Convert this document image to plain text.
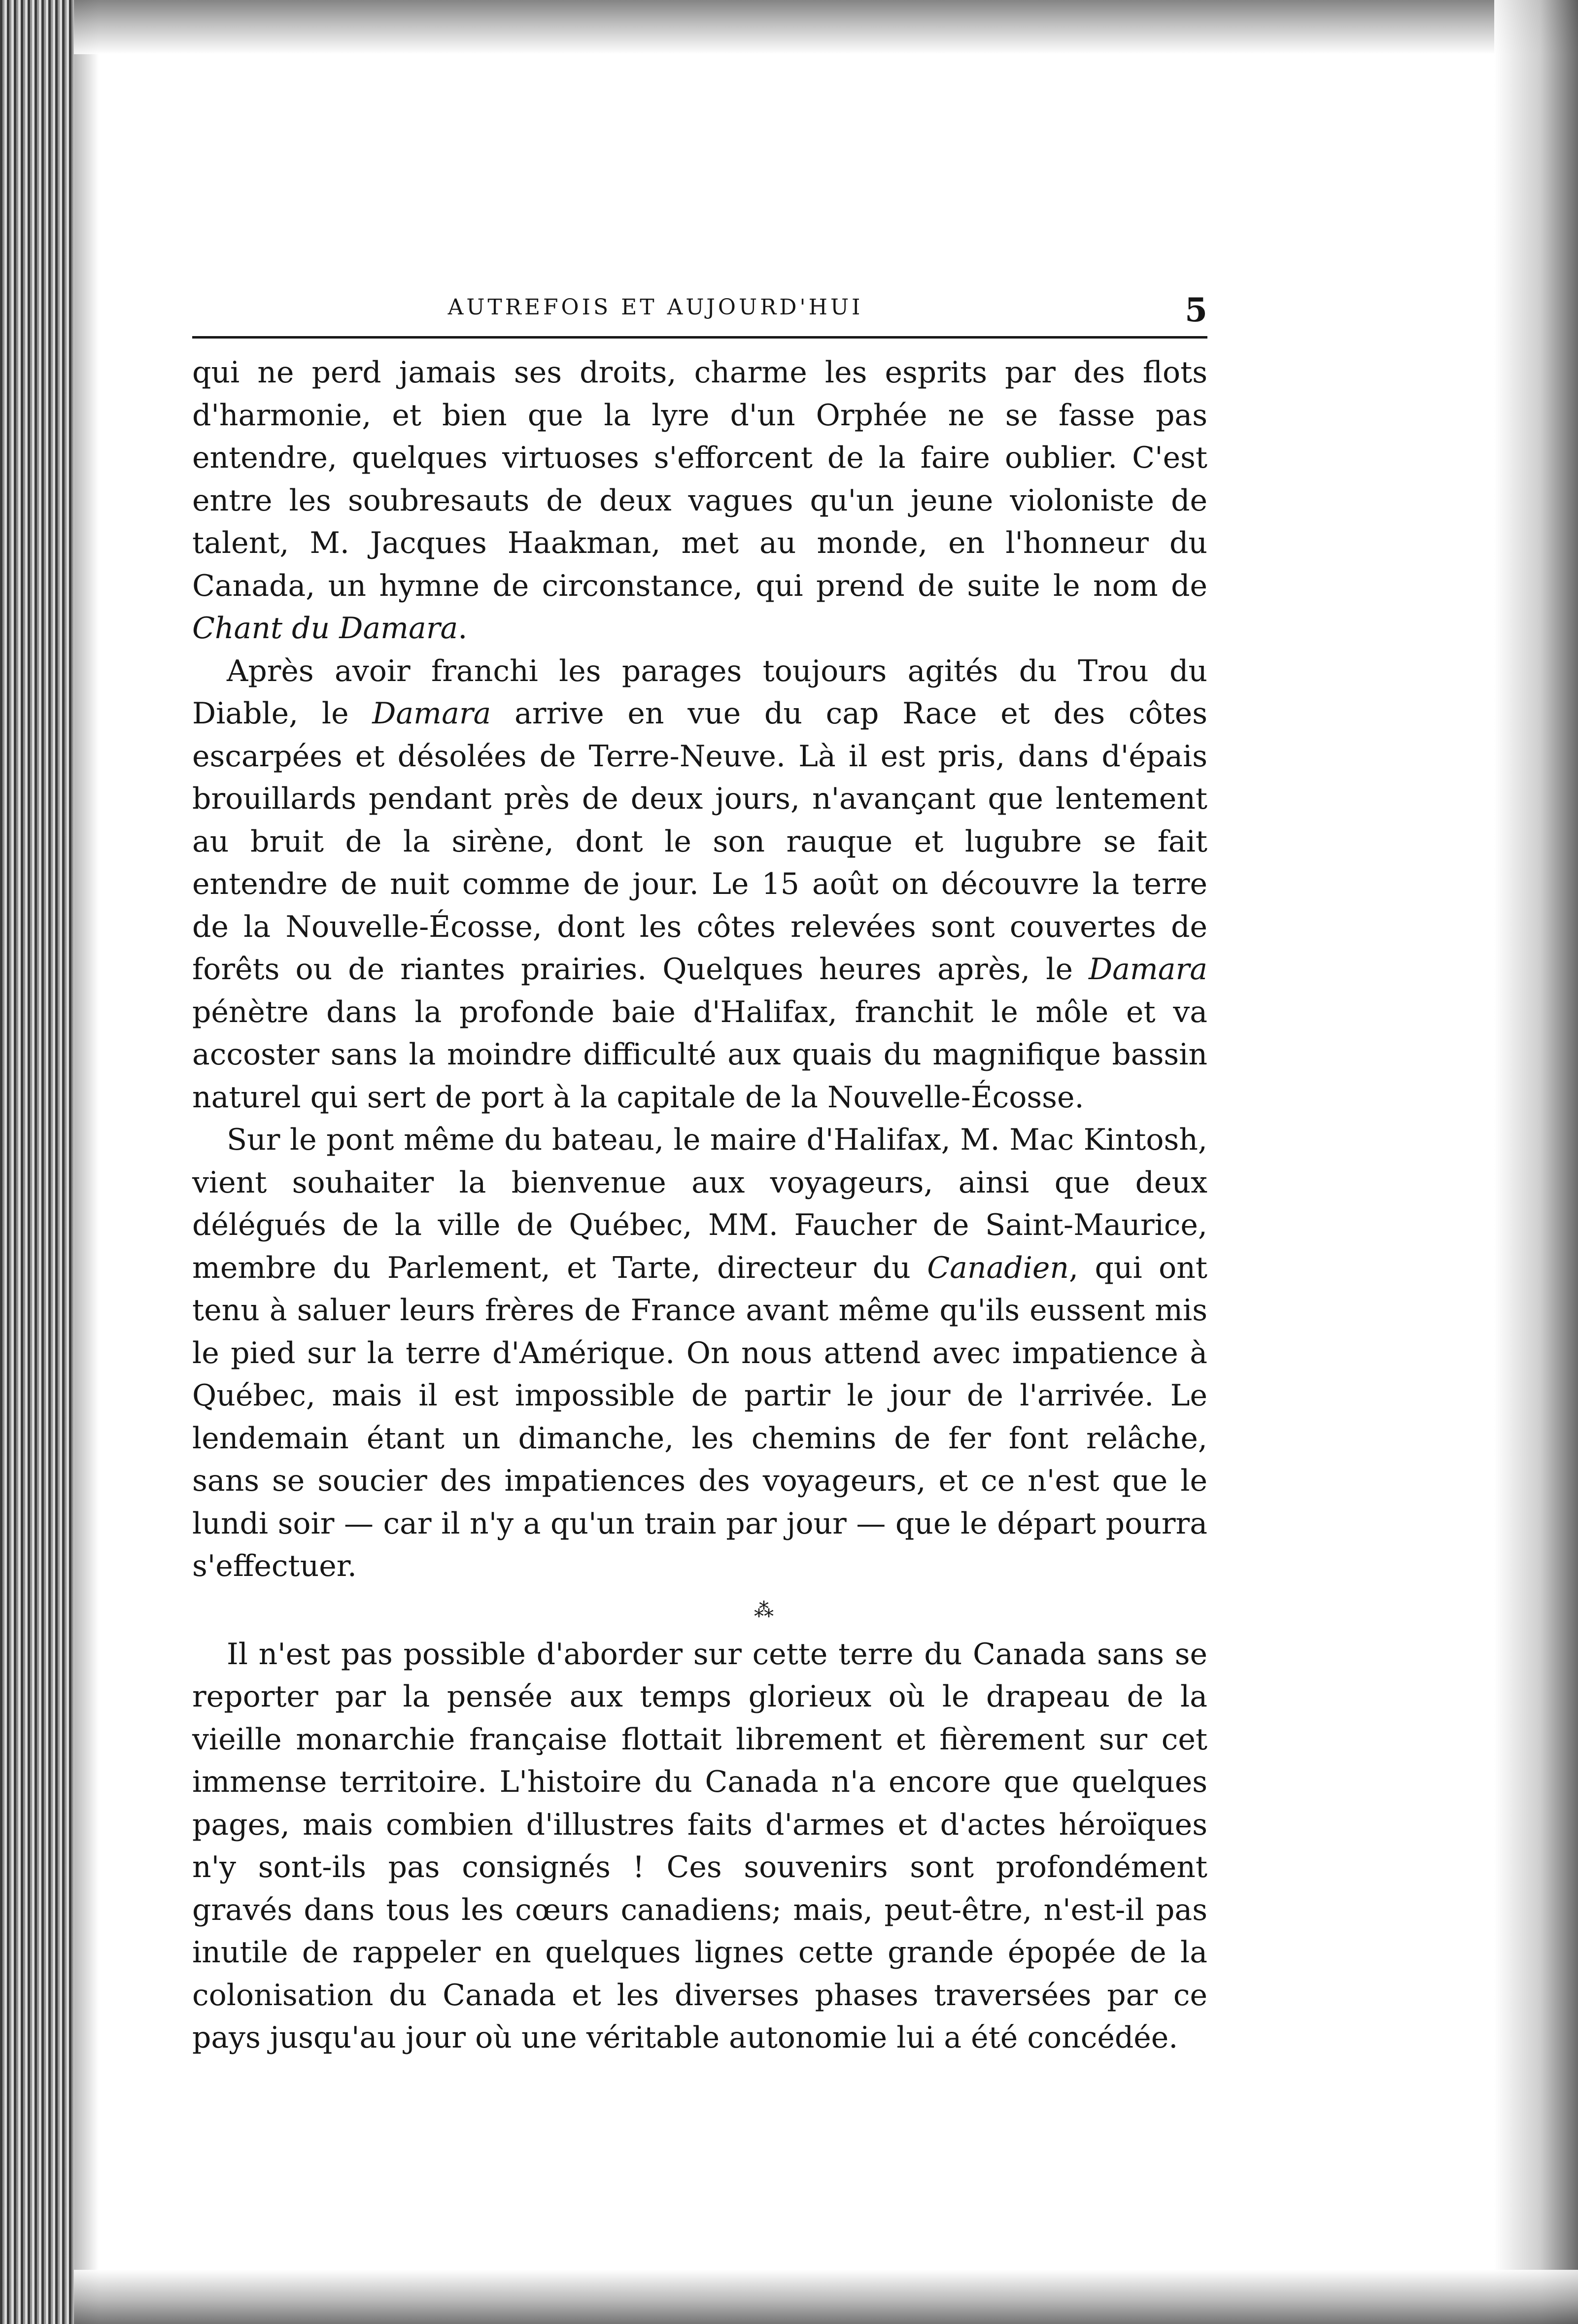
AUTREFOIS ET AUJOURD'HUI	5

qui ne perd jamais ses droits, charme les esprits par des flots d'harmonie, et bien que la lyre d'un Orphée ne se fasse pas entendre, quelques virtuoses s'efforcent de la faire oublier. C'est entre les soubresauts de deux vagues qu'un jeune violoniste de talent, M. Jacques Haakman, met au monde, en l'honneur du Canada, un hymne de circonstance, qui prend de suite le nom de Chant du Damara.

Après avoir franchi les parages toujours agités du Trou du Diable, le Damara arrive en vue du cap Race et des côtes escarpées et désolées de Terre-Neuve. Là il est pris, dans d'épais brouillards pendant près de deux jours, n'avançant que lentement au bruit de la sirène, dont le son rauque et lugubre se fait entendre de nuit comme de jour. Le 15 août on découvre la terre de la Nouvelle-Écosse, dont les côtes relevées sont couvertes de forêts ou de riantes prairies. Quelques heures après, le Damara pénètre dans la profonde baie d'Halifax, franchit le môle et va accoster sans la moindre difficulté aux quais du magnifique bassin naturel qui sert de port à la capitale de la Nouvelle-Écosse.

Sur le pont même du bateau, le maire d'Halifax, M. Mac Kintosh, vient souhaiter la bienvenue aux voyageurs, ainsi que deux délégués de la ville de Québec, MM. Faucher de Saint-Maurice, membre du Parlement, et Tarte, directeur du Canadien, qui ont tenu à saluer leurs frères de France avant même qu'ils eussent mis le pied sur la terre d'Amérique. On nous attend avec impatience à Québec, mais il est impossible de partir le jour de l'arrivée. Le lendemain étant un dimanche, les chemins de fer font relâche, sans se soucier des impatiences des voyageurs, et ce n'est que le lundi soir — car il n'y a qu'un train par jour — que le départ pourra s'effectuer.

⁂

Il n'est pas possible d'aborder sur cette terre du Canada sans se reporter par la pensée aux temps glorieux où le drapeau de la vieille monarchie française flottait librement et fièrement sur cet immense territoire. L'histoire du Canada n'a encore que quelques pages, mais combien d'illustres faits d'armes et d'actes héroïques n'y sont-ils pas consignés ! Ces souvenirs sont profondément gravés dans tous les cœurs canadiens; mais, peut-être, n'est-il pas inutile de rappeler en quelques lignes cette grande épopée de la colonisation du Canada et les diverses phases traversées par ce pays jusqu'au jour où une véritable autonomie lui a été concédée.
